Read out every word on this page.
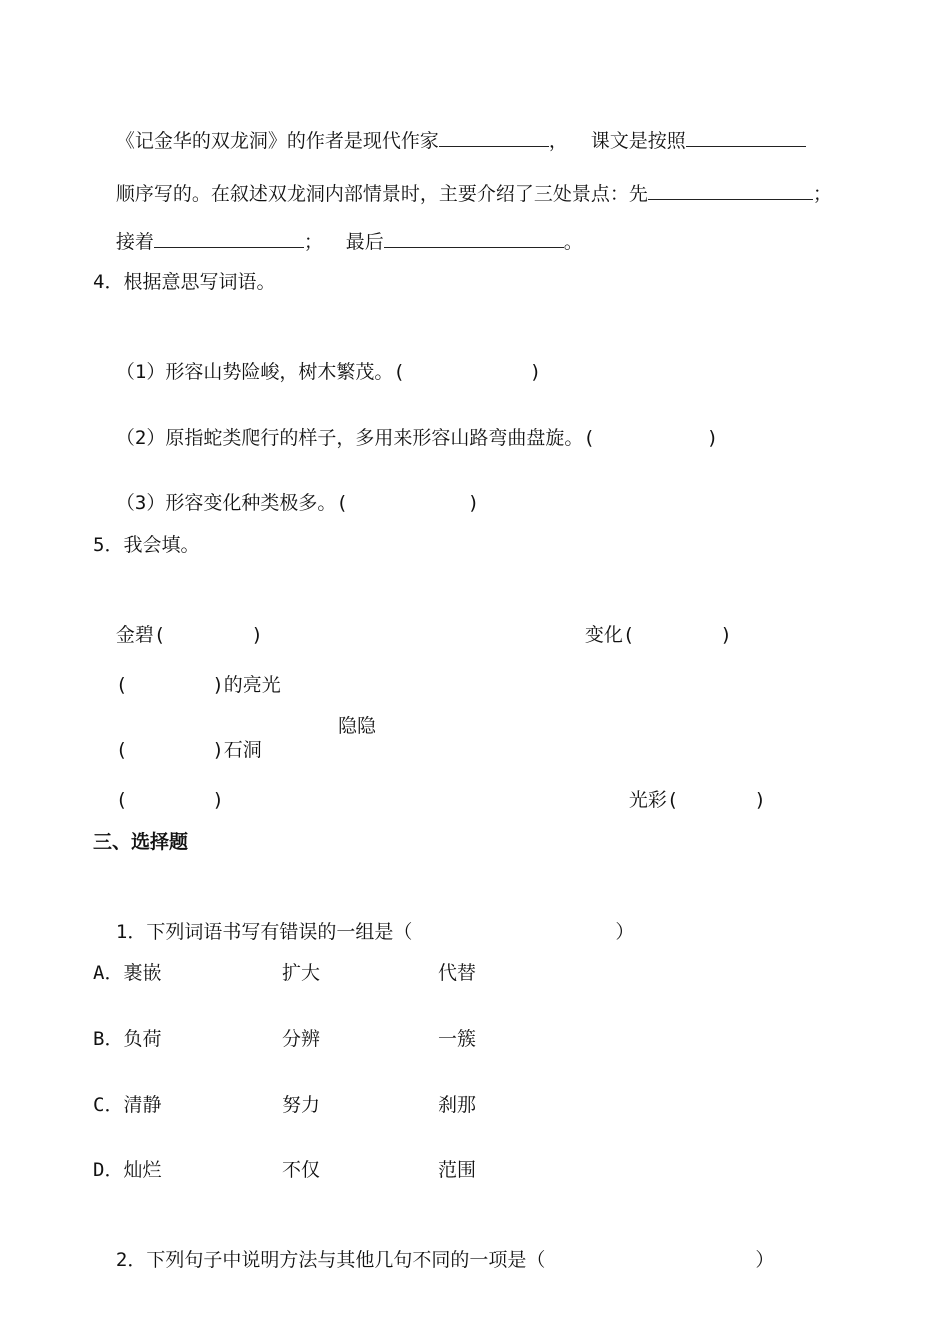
《记金华的双龙洞》的作者是现代作家	，  课文是按照

顺序写的。在叙述双龙洞内部情景时，主要介绍了三处景点：先	；

接着	；  最后	。

4．根据意思写词语。

（1）形容山势险峻，树木繁茂。(	)

（2）原指蛇类爬行的样子，多用来形容山路弯曲盘旋。(	)

（3）形容变化种类极多。(	)

5．我会填。

金碧(	)	变化(	)

(	)的亮光

(	)石洞

隐隐

(	)	光彩(	)

三、选择题

1．下列词语书写有错误的一组是（	）

A．裹嵌	扩大	代替
B．负荷	分辨	一簇
C．清静	努力	刹那
D．灿烂	不仅	范围

2．下列句子中说明方法与其他几句不同的一项是（	）
